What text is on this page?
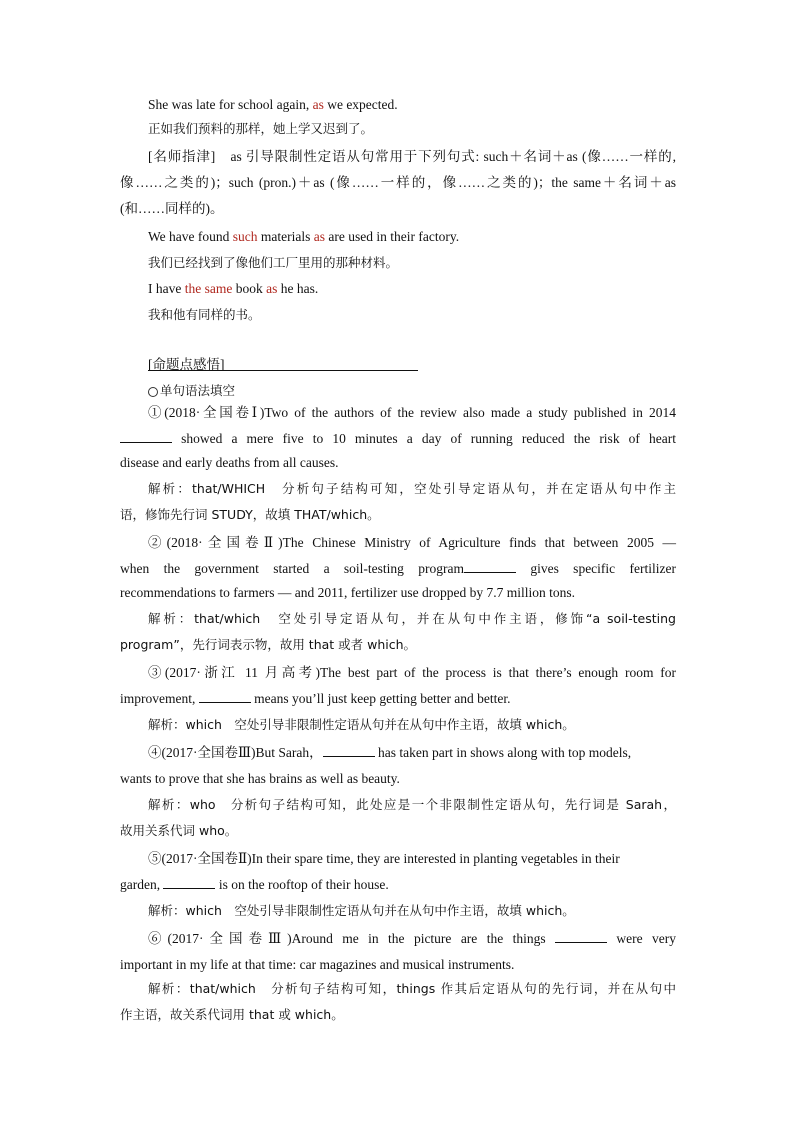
She was late for school again, as we expected.
正如我们预料的那样，她上学又迟到了。
[名师指津]　as 引导限制性定语从句常用于下列句式: such＋名词＋as (像……一样的,
像……之类的)；such (pron.)＋as (像……一样的，像……之类的)；the same＋名词＋as
(和……同样的)。
We have found such materials as are used in their factory.
我们已经找到了像他们工厂里用的那种材料。
I have the same book as he has.
我和他有同样的书。
[命题点感悟]
单句语法填空
①(2018·全国卷Ⅰ)Two of the authors of the review also made a study published in 2014
showed a mere five to 10 minutes a day of running reduced the risk of heart
disease and early deaths from all causes.
解析：that/WHICH　分析句子结构可知，空处引导定语从句，并在定语从句中作主
语，修饰先行词 STUDY，故填 THAT/which。
②(2018·全国卷Ⅱ)The Chinese Ministry of Agriculture finds that between 2005 —
when the government started a soil-testing program	gives specific fertilizer
recommendations to farmers — and 2011, fertilizer use dropped by 7.7 million tons.
解析：that/which　空处引导定语从句，并在从句中作主语，修饰“a soil-testing
program”，先行词表示物，故用 that 或者 which。
③(2017·浙江 11 月高考)The best part of the process is that there’s enough room for
improvement,	means you’ll just keep getting better and better.
解析：which　空处引导非限制性定语从句并在从句中作主语，故填 which。
④(2017·全国卷Ⅲ)But Sarah，	has taken part in shows along with top models,
wants to prove that she has brains as well as beauty.
解析：who　分析句子结构可知，此处应是一个非限制性定语从句，先行词是 Sarah，
故用关系代词 who。
⑤(2017·全国卷Ⅱ)In their spare time, they are interested in planting vegetables in their
garden,	is on the rooftop of their house.
解析：which　空处引导非限制性定语从句并在从句中作主语，故填 which。
⑥(2017·全国卷Ⅲ)Around me in the picture are the things	were very
important in my life at that time: car magazines and musical instruments.
解析：that/which　分析句子结构可知，things 作其后定语从句的先行词，并在从句中
作主语，故关系代词用 that 或 which。
